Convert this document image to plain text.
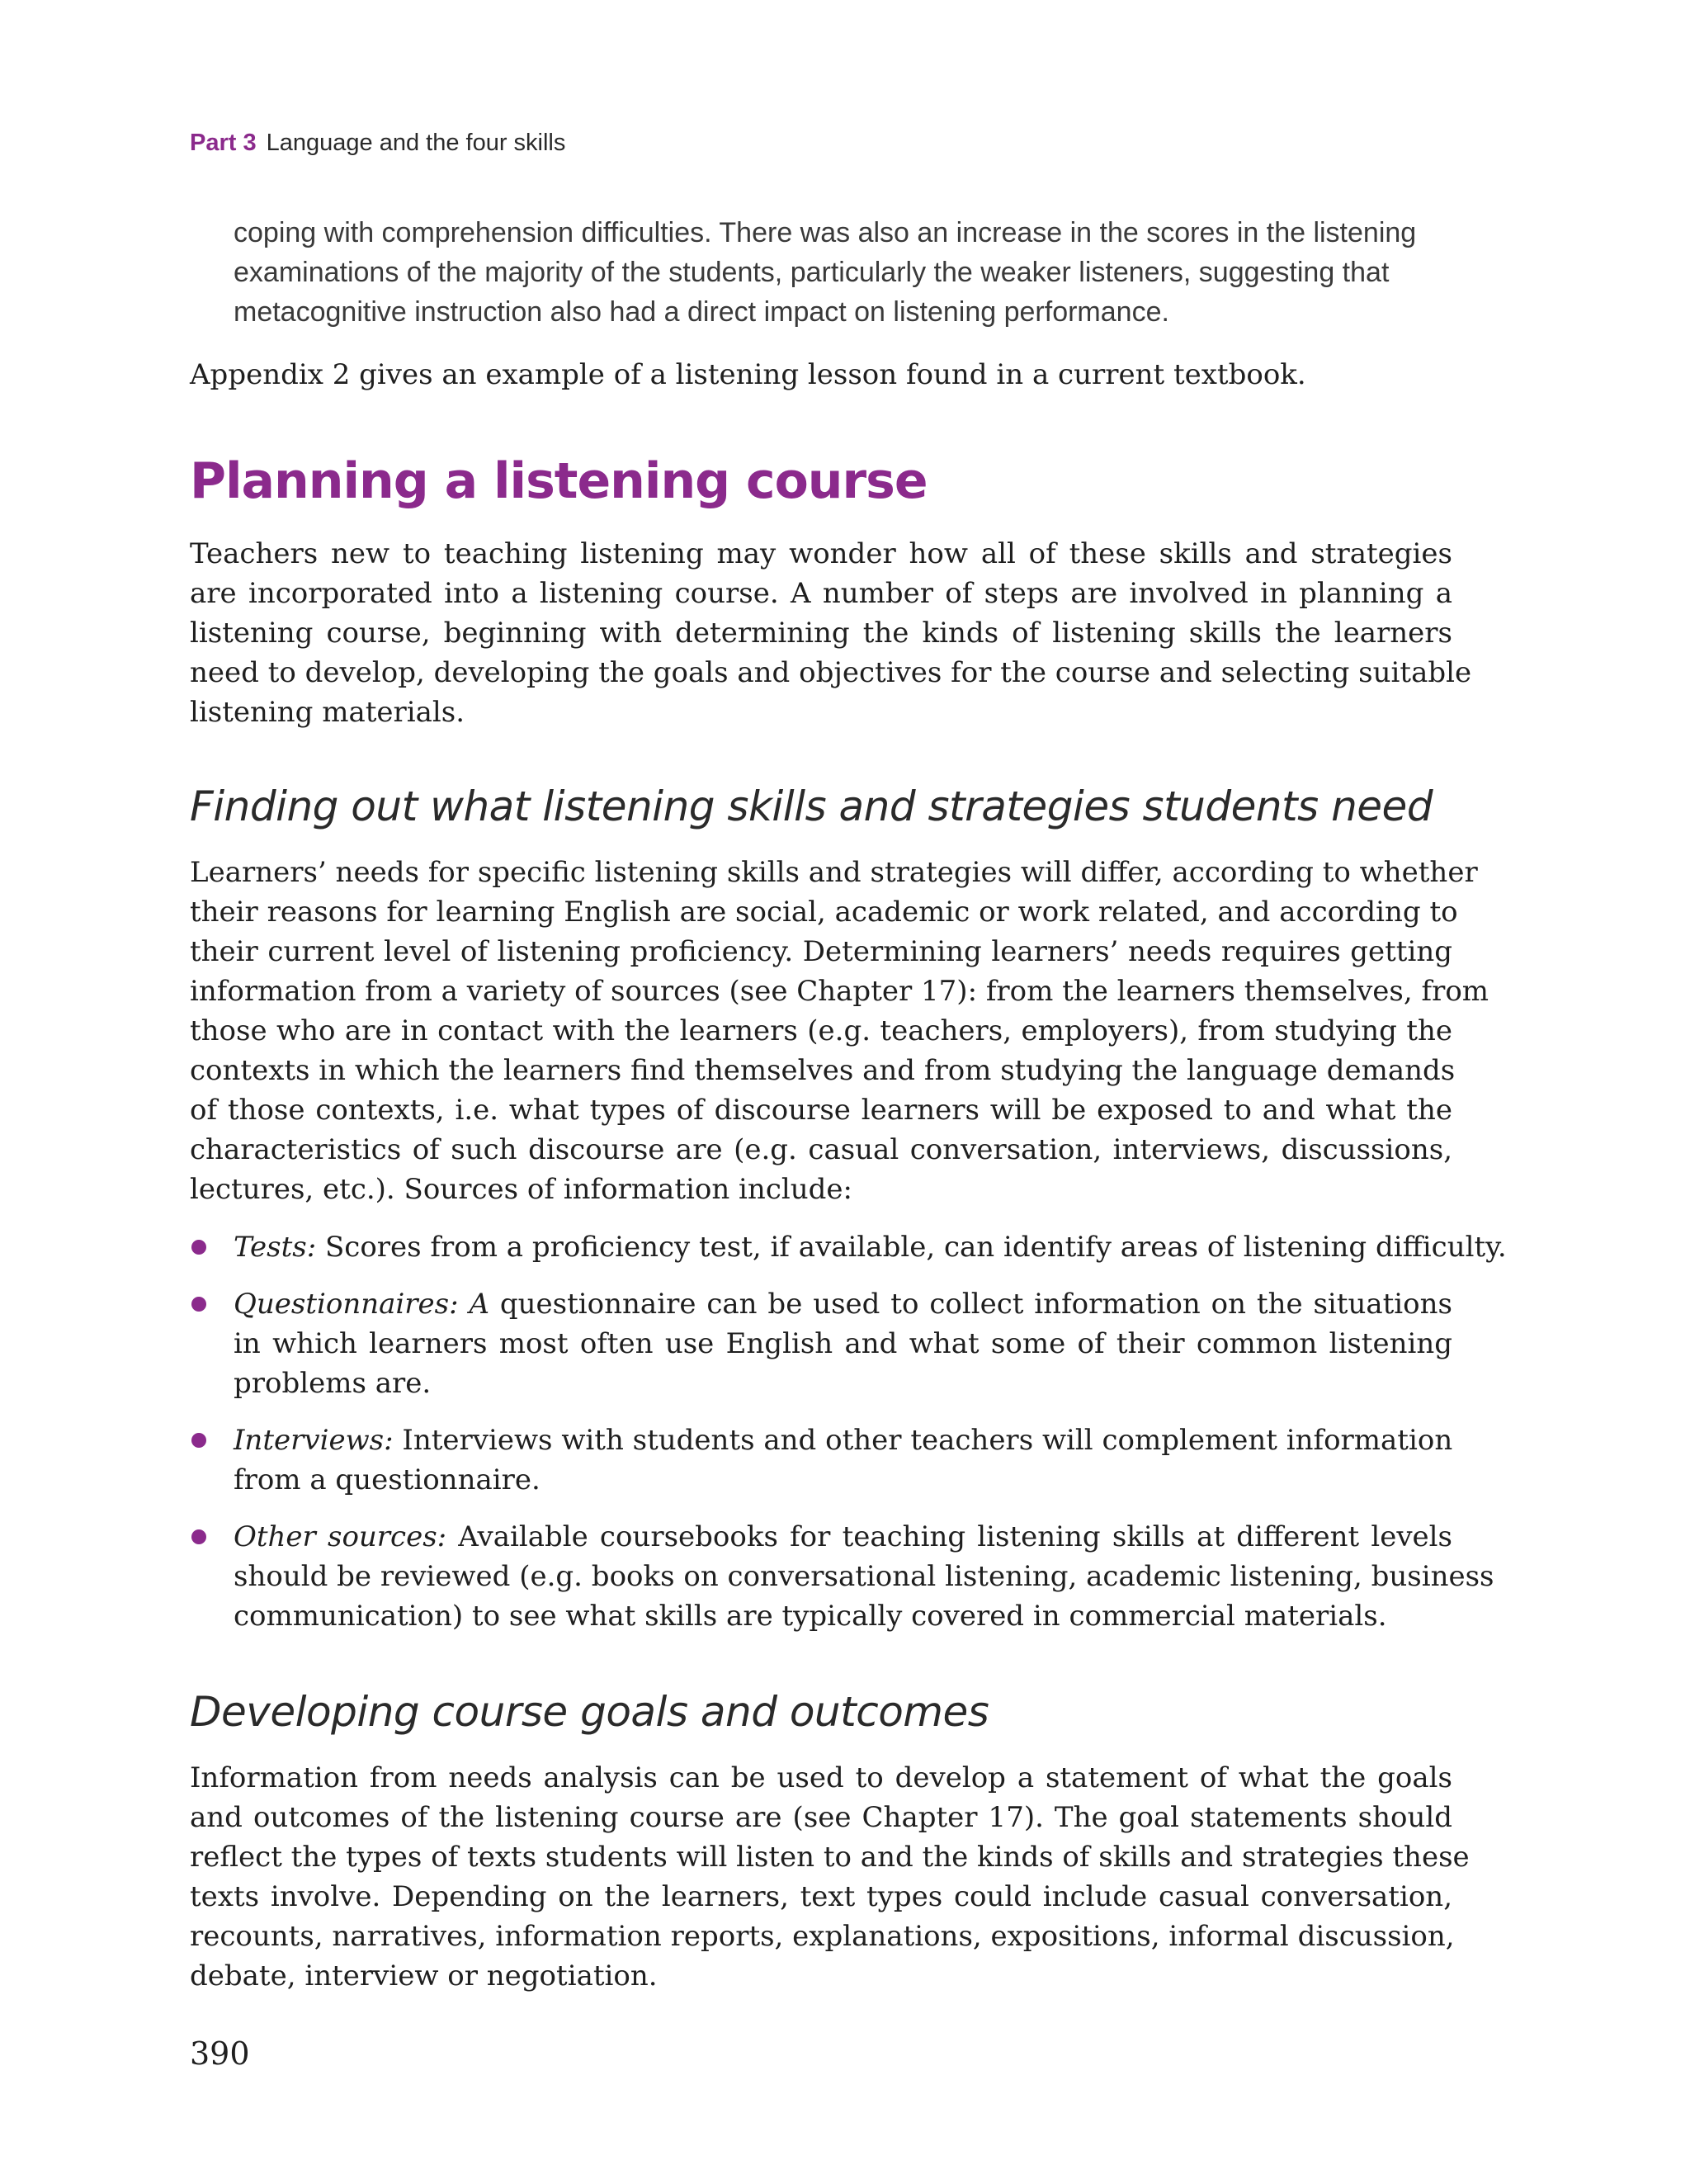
Part 3 Language and the four skills
coping with comprehension difficulties. There was also an increase in the scores in the listening
examinations of the majority of the students, particularly the weaker listeners, suggesting that
metacognitive instruction also had a direct impact on listening performance.
Appendix 2 gives an example of a listening lesson found in a current textbook.
Planning a listening course
Teachers new to teaching listening may wonder how all of these skills and strategies
are incorporated into a listening course. A number of steps are involved in planning a
listening course, beginning with determining the kinds of listening skills the learners
need to develop, developing the goals and objectives for the course and selecting suitable
listening materials.
Finding out what listening skills and strategies students need
Learners’ needs for specific listening skills and strategies will differ, according to whether
their reasons for learning English are social, academic or work related, and according to
their current level of listening proficiency. Determining learners’ needs requires getting
information from a variety of sources (see Chapter 17): from the learners themselves, from
those who are in contact with the learners (e.g. teachers, employers), from studying the
contexts in which the learners find themselves and from studying the language demands
of those contexts, i.e. what types of discourse learners will be exposed to and what the
characteristics of such discourse are (e.g. casual conversation, interviews, discussions,
lectures, etc.). Sources of information include:
Tests: Scores from a proficiency test, if available, can identify areas of listening difficulty.
Questionnaires: A questionnaire can be used to collect information on the situations
in which learners most often use English and what some of their common listening
problems are.
Interviews: Interviews with students and other teachers will complement information
from a questionnaire.
Other sources: Available coursebooks for teaching listening skills at different levels
should be reviewed (e.g. books on conversational listening, academic listening, business
communication) to see what skills are typically covered in commercial materials.
Developing course goals and outcomes
Information from needs analysis can be used to develop a statement of what the goals
and outcomes of the listening course are (see Chapter 17). The goal statements should
reflect the types of texts students will listen to and the kinds of skills and strategies these
texts involve. Depending on the learners, text types could include casual conversation,
recounts, narratives, information reports, explanations, expositions, informal discussion,
debate, interview or negotiation.
390
